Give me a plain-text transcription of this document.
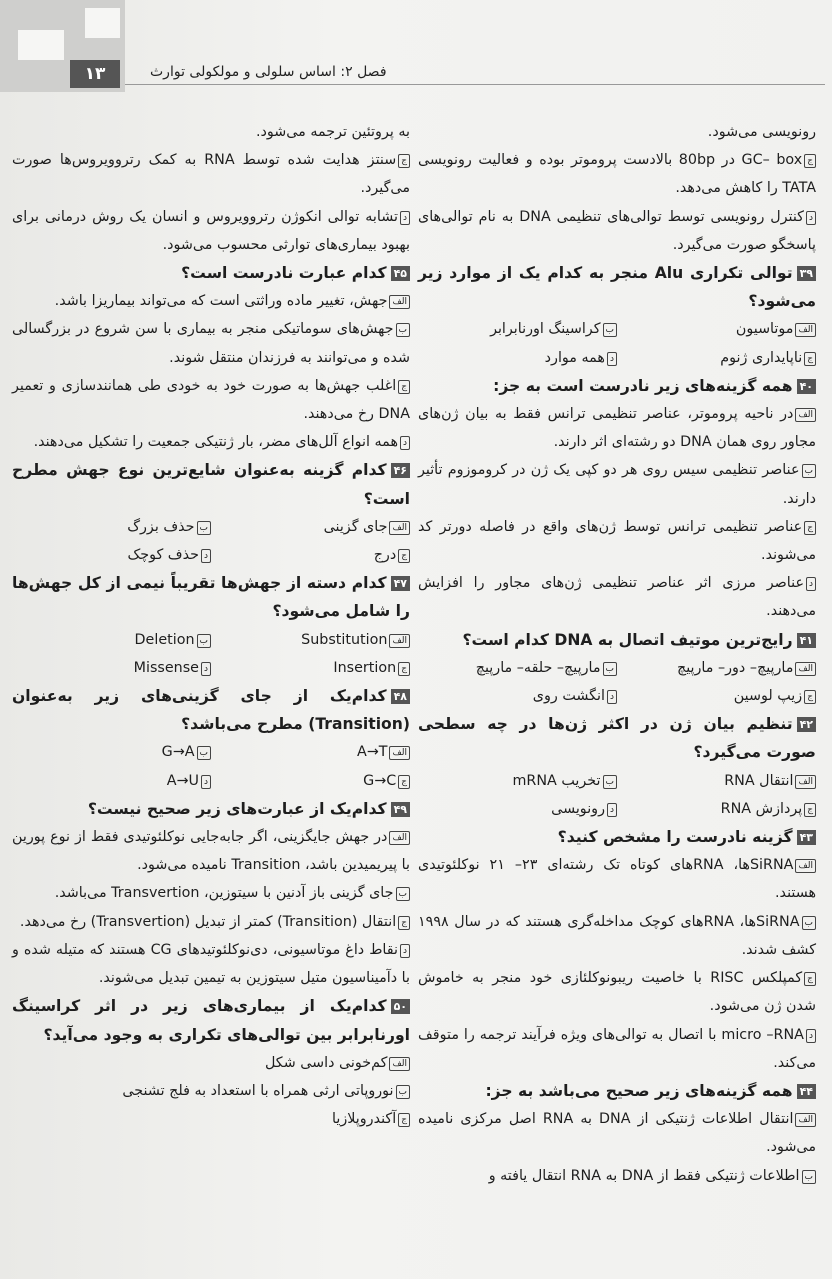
۱۳	فصل ۲: اساس سلولی و مولکولی توارث

رونویسی می‌شود.

جGC– box در 80bp بالادست پروموتر بوده و فعالیت رونویسی TATA را کاهش می‌دهد.

دکنترل رونویسی توسط توالی‌های تنظیمی DNA به نام توالی‌های پاسخگو صورت می‌گیرد.

۳۹توالی تکراری Alu منجر به کدام یک از موارد زیر می‌شود؟

الفموتاسیون
بکراسینگ اورنابرابر
جناپایداری ژنوم
دهمه موارد

۴۰همه گزینه‌های زیر نادرست است به جز:

الفدر ناحیه پروموتر، عناصر تنظیمی ترانس فقط به بیان ژن‌های مجاور روی همان DNA دو رشته‌ای اثر دارند.

بعناصر تنظیمی سیس روی هر دو کپی یک ژن در کروموزوم تأثیر دارند.

جعناصر تنظیمی ترانس توسط ژن‌های واقع در فاصله دورتر کد می‌شوند.

دعناصر مرزی اثر عناصر تنظیمی ژن‌های مجاور را افزایش می‌دهند.

۴۱رایج‌ترین موتیف اتصال به DNA کدام است؟

الفمارپیچ– دور– مارپیچ
بمارپیچ– حلقه– مارپیچ
جزیپ لوسین
دانگشت روی

۴۲تنظیم بیان ژن در اکثر ژن‌ها در چه سطحی صورت می‌گیرد؟

الفانتقال RNA
بتخریب mRNA
جپردازش RNA
درونویسی

۴۳گزینه نادرست را مشخص کنید؟

الفSiRNAها، RNAهای کوتاه تک رشته‌ای ۲۳– ۲۱ نوکلئوتیدی هستند.

بSiRNAها، RNAهای کوچک مداخله‌گری هستند که در سال ۱۹۹۸ کشف شدند.

جکمپلکس RISC با خاصیت ریبونوکلئازی خود منجر به خاموش شدن ژن می‌شود.

دmicro –RNA با اتصال به توالی‌های ویژه فرآیند ترجمه را متوقف می‌کند.

۴۴همه گزینه‌های زیر صحیح می‌باشد به جز:

الفانتقال اطلاعات ژنتیکی از DNA به RNA اصل مرکزی نامیده می‌شود.

باطلاعات ژنتیکی فقط از DNA به RNA انتقال یافته و

به پروتئین ترجمه می‌شود.

جسنتز هدایت شده توسط RNA به کمک رتروویروس‌ها صورت می‌گیرد.

دتشابه توالی انکوژن رتروویروس و انسان یک روش درمانی برای بهبود بیماری‌های توارثی محسوب می‌شود.

۴۵کدام عبارت نادرست است؟

الفجهش، تغییر ماده وراثتی است که می‌تواند بیماریزا باشد.

بجهش‌های سوماتیکی منجر به بیماری با سن شروع در بزرگسالی شده و می‌توانند به فرزندان منتقل شوند.

جاغلب جهش‌ها به صورت خود به خودی طی همانندسازی و تعمیر DNA رخ می‌دهند.

دهمه انواع آلل‌های مضر، بار ژنتیکی جمعیت را تشکیل می‌دهند.

۴۶کدام گزینه به‌عنوان شایع‌ترین نوع جهش مطرح است؟

الفجای گزینی
بحذف بزرگ
جدرج
دحذف کوچک

۴۷کدام دسته از جهش‌ها تقریباً نیمی از کل جهش‌ها را شامل می‌شود؟

الفSubstitution
بDeletion
جInsertion
دMissense

۴۸کدام‌یک از جای گزینی‌های زیر به‌عنوان (Transition) مطرح می‌باشد؟

الفA→T
بG→A
جG→C
دA→U

۴۹کدام‌یک از عبارت‌های زیر صحیح نیست؟

الفدر جهش جایگزینی، اگر جابه‌جایی نوکلئوتیدی فقط از نوع پورین با پیریمیدین باشد، Transition نامیده می‌شود.

بجای گزینی باز آدنین با سیتوزین، Transvertion می‌باشد.

جانتقال (Transition) کمتر از تبدیل (Transvertion) رخ می‌دهد.

دنقاط داغ موتاسیونی، دی‌نوکلئوتیدهای CG هستند که متیله شده و با دآمیناسیون متیل سیتوزین به تیمین تبدیل می‌شوند.

۵۰کدام‌یک از بیماری‌های زیر در اثر کراسینگ اورنابرابر بین توالی‌های تکراری به وجود می‌آید؟

الفکم‌خونی داسی شکل

بنوروپاتی ارثی همراه با استعداد به فلج تشنجی

جآکندروپلازیا
